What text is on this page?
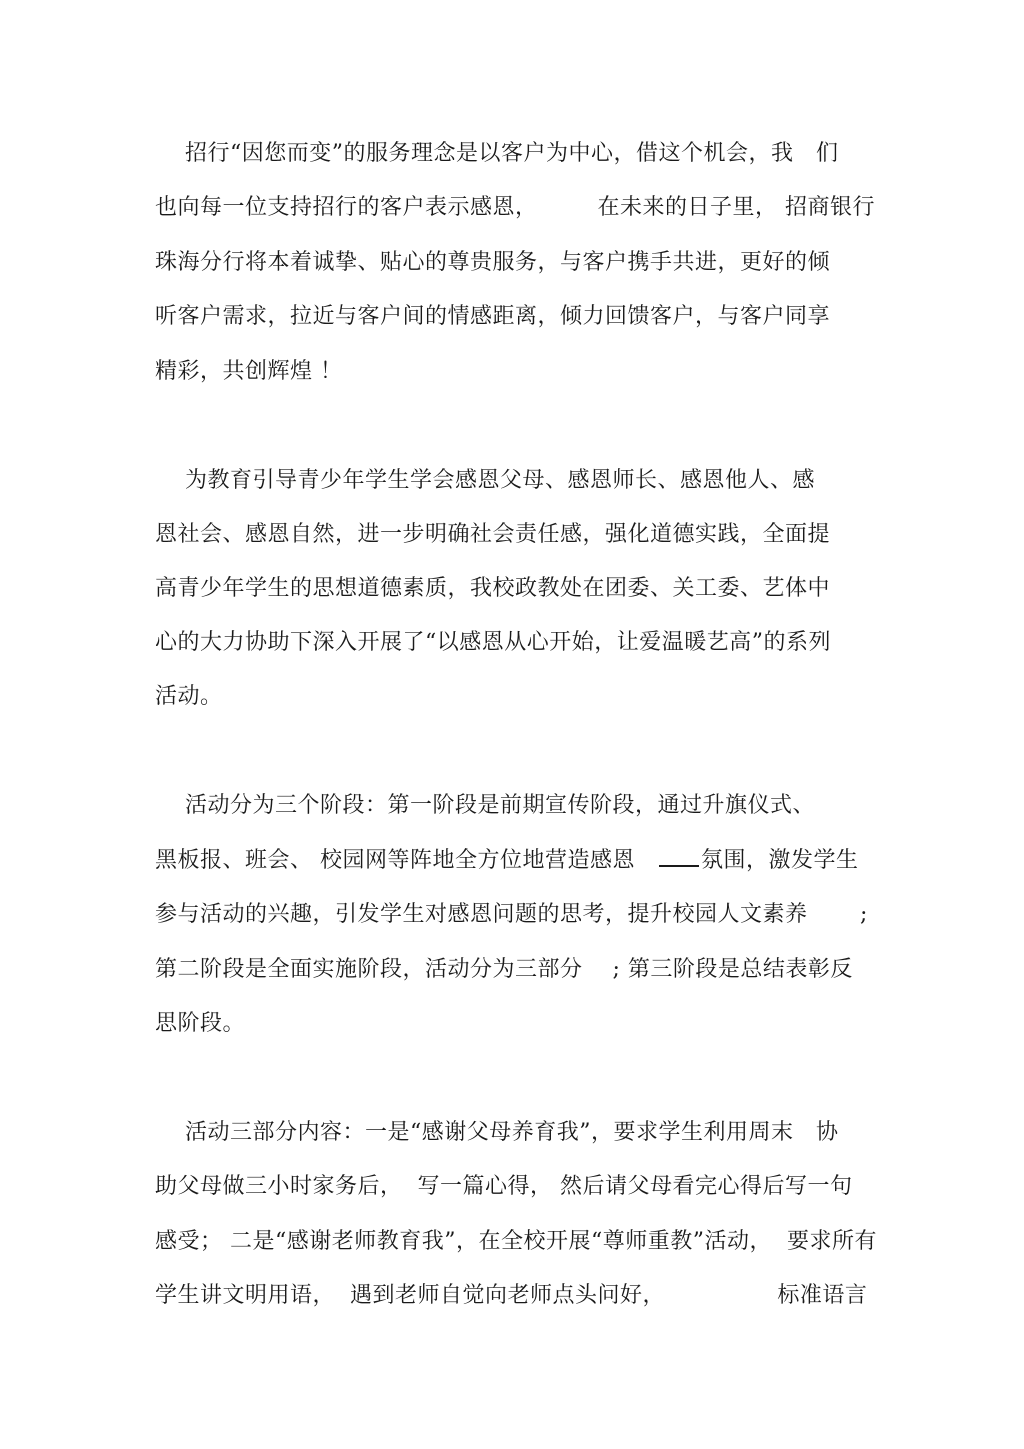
招行“因您而变”的服务理念是以客户为中心，借这个机会，我   们
也向每一位支持招行的客户表示感恩，        在未来的日子里， 招商银行
珠海分行将本着诚挚、贴心的尊贵服务，与客户携手共进，更好的倾
听客户需求，拉近与客户间的情感距离，倾力回馈客户，与客户同享
精彩，共创辉煌 ！
为教育引导青少年学生学会感恩父母、感恩师长、感恩他人、感
恩社会、感恩自然，进一步明确社会责任感，强化道德实践，全面提
高青少年学生的思想道德素质，我校政教处在团委、关工委、艺体中
心的大力协助下深入开展了“以感恩从心开始，让爱温暖艺高”的系列
活动。
活动分为三个阶段：第一阶段是前期宣传阶段，通过升旗仪式、
黑板报、班会、 校园网等阵地全方位地营造感恩	氛围，激发学生
参与活动的兴趣，引发学生对感恩问题的思考，提升校园人文素养       ;
第二阶段是全面实施阶段，活动分为三部分    ; 第三阶段是总结表彰反
思阶段。
活动三部分内容：一是“感谢父母养育我”，要求学生利用周末   协
助父母做三小时家务后，  写一篇心得， 然后请父母看完心得后写一句
感受； 二是“感谢老师教育我”，在全校开展“尊师重教”活动，  要求所有
学生讲文明用语，  遇到老师自觉向老师点头问好，               标准语言
